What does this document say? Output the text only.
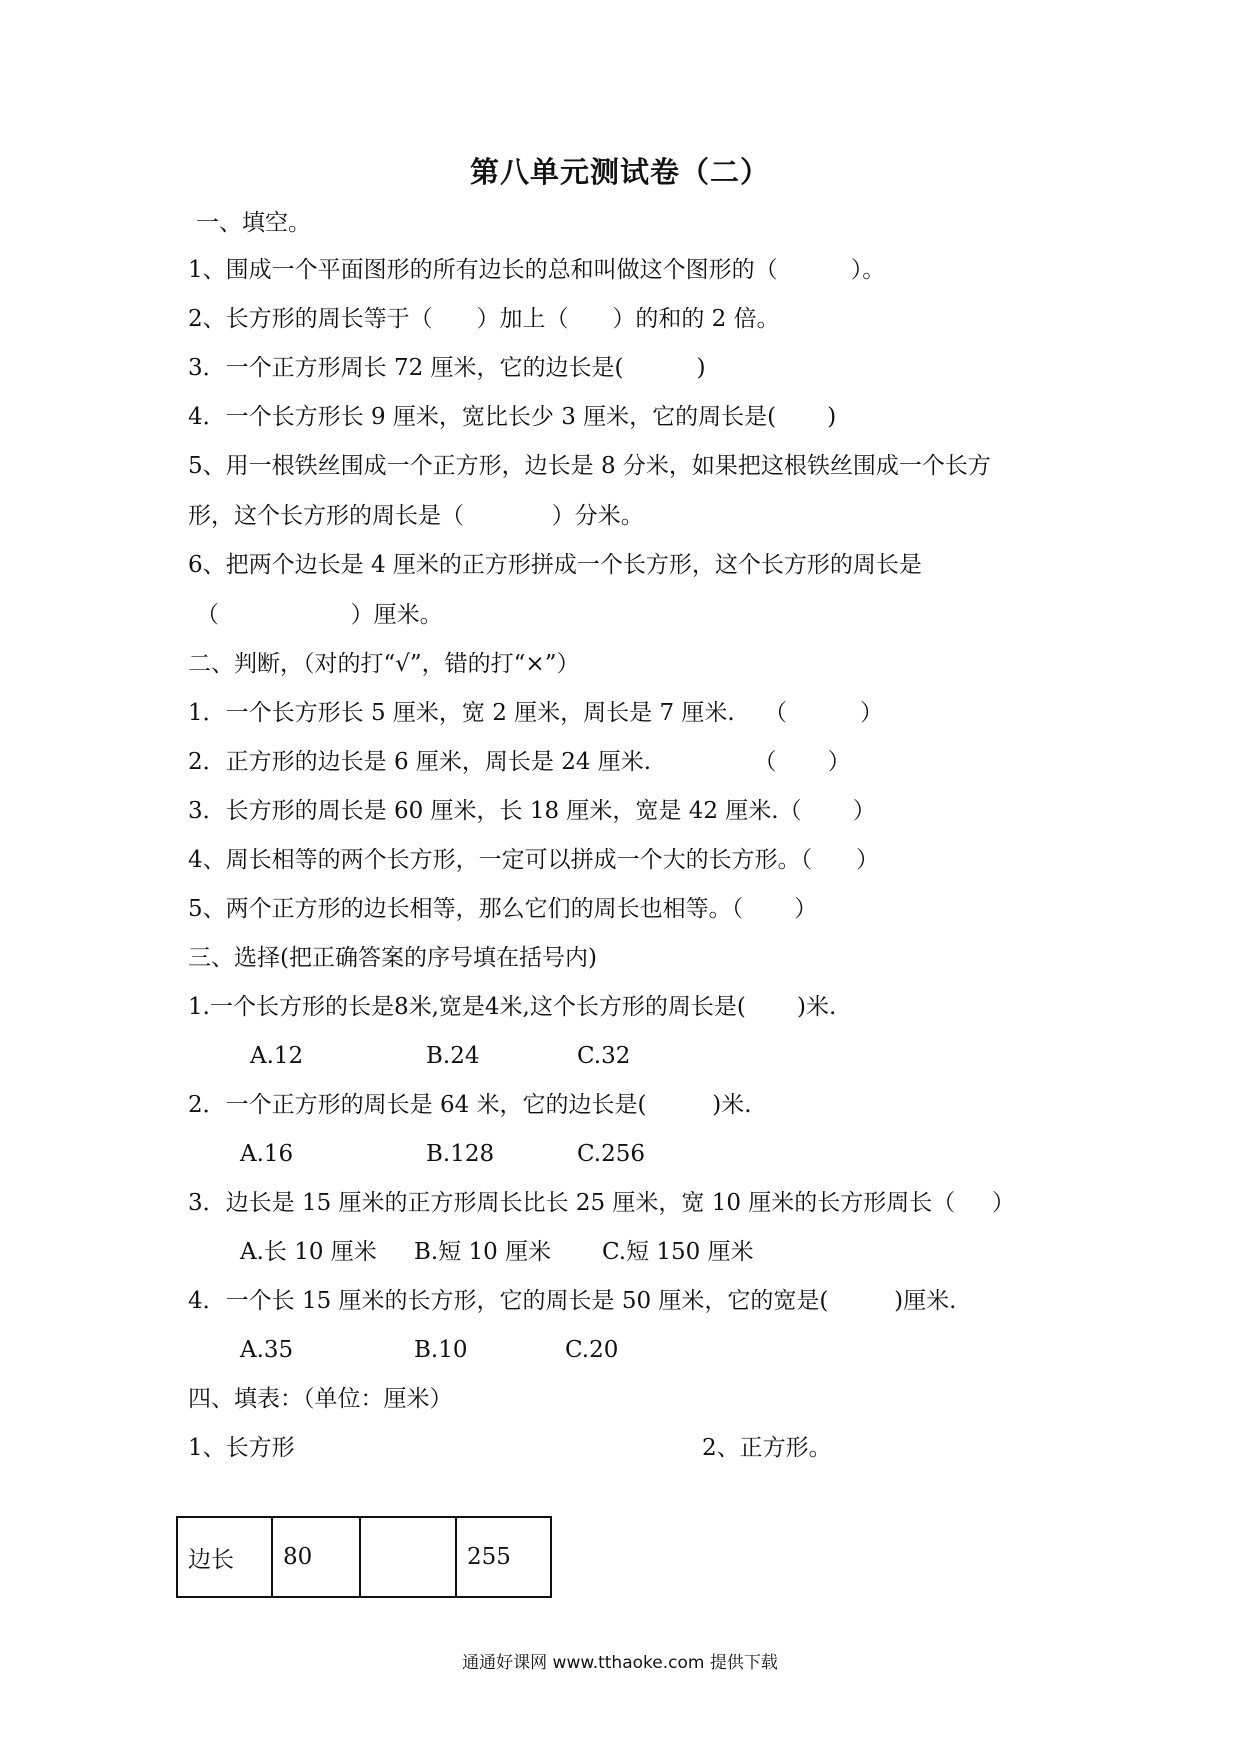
第八单元测试卷（二）
一、填空。
1、围成一个平面图形的所有边长的总和叫做这个图形的（          ）。
2、长方形的周长等于（      ）加上（      ）的和的 2 倍。
3．一个正方形周长 72 厘米，它的边长是(          )
4．一个长方形长 9 厘米，宽比长少 3 厘米，它的周长是(       )
5、用一根铁丝围成一个正方形，边长是 8 分米，如果把这根铁丝围成一个长方
形，这个长方形的周长是（            ）分米。
6、把两个边长是 4 厘米的正方形拼成一个长方形，这个长方形的周长是
（                  ）厘米。
二、判断，（对的打“√”，错的打“×”）
1．一个长方形长 5 厘米，宽 2 厘米，周长是 7 厘米.    （          ）
2．正方形的边长是 6 厘米，周长是 24 厘米.              （       ）
3．长方形的周长是 60 厘米，长 18 厘米，宽是 42 厘米.（       ）
4、周长相等的两个长方形，一定可以拼成一个大的长方形。（      ）
5、两个正方形的边长相等，那么它们的周长也相等。（       ）
三、选择(把正确答案的序号填在括号内)
1.一个长方形的长是8米,宽是4米,这个长方形的周长是(       )米.
A.12	B.24	C.32
2．一个正方形的周长是 64 米，它的边长是(         )米.
A.16	B.128	C.256
3．边长是 15 厘米的正方形周长比长 25 厘米，宽 10 厘米的长方形周长（     ）
A.长 10 厘米 B.短 10 厘米 C.短 150 厘米
4．一个长 15 厘米的长方形，它的周长是 50 厘米，它的宽是(         )厘米.
A.35	B.10	C.20
四、填表：（单位：厘米）
1、长方形	2、正方形。
边长	80		255
通通好课网 www.tthaoke.com 提供下载
